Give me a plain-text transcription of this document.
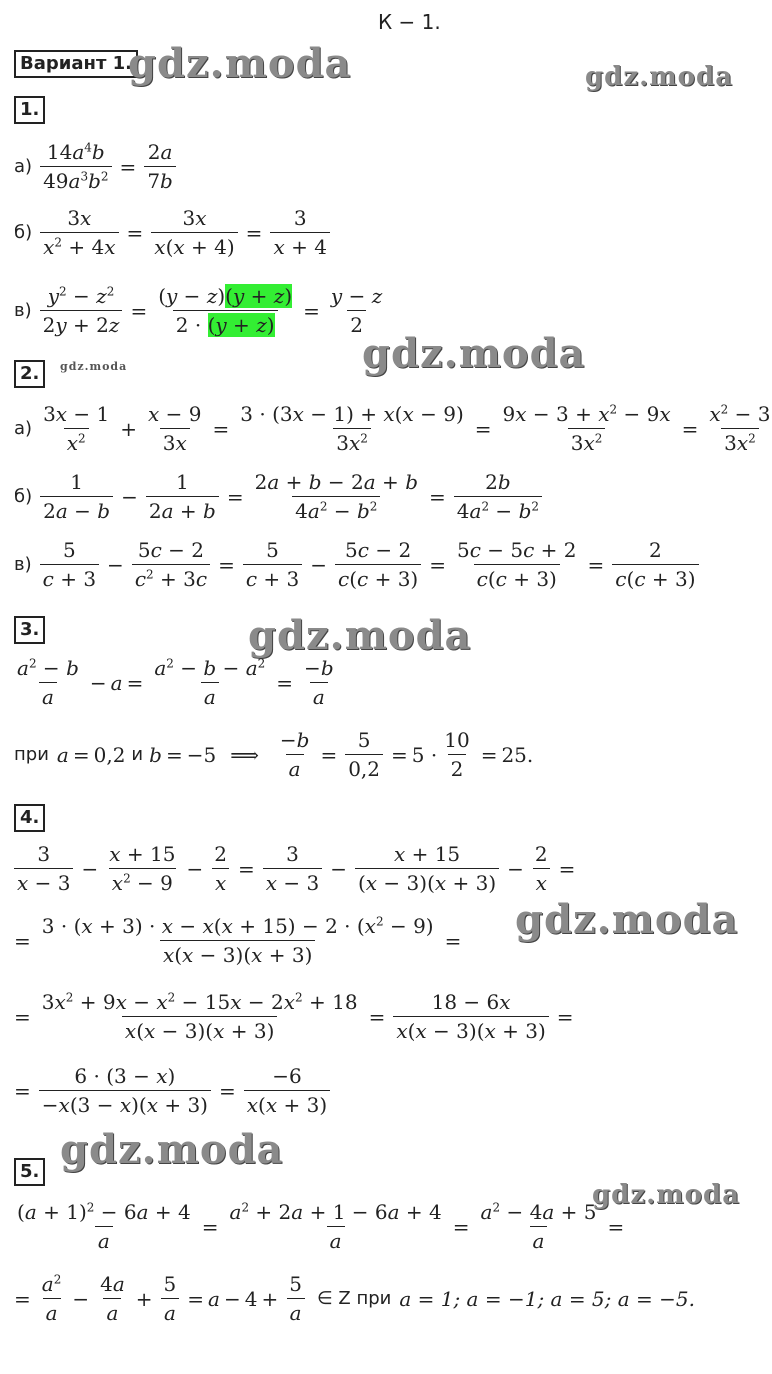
К − 1.
Вариант 1.
gdz.moda	gdz.moda
gdz.moda
gdz.moda
gdz.moda
gdz.moda
gdz.moda
gdz.moda
1.
$а) \frac{14a^4b}{49a^3b^2} = \frac{2a}{7b}$
$б) \frac{3x}{x^2 + 4x} = \frac{3x}{x(x + 4)} = \frac{3}{x + 4}$
$в) \frac{y^2 - z^2}{2y + 2z} = \frac{(y - z)(y + z)}{2 \cdot (y + z)} = \frac{y - z}{2}$
2.
$а) \frac{3x - 1}{x^2} + \frac{x - 9}{3x} = \frac{3 \cdot (3x - 1) + x(x - 9)}{3x^2} = \frac{9x - 3 + x^2 - 9x}{3x^2} = \frac{x^2 - 3}{3x^2}$
$б) \frac{1}{2a - b} - \frac{1}{2a + b} = \frac{2a + b - 2a + b}{4a^2 - b^2} = \frac{2b}{4a^2 - b^2}$
$в) \frac{5}{c + 3} - \frac{5c - 2}{c^2 + 3c} = \frac{5}{c + 3} - \frac{5c - 2}{c(c + 3)} = \frac{5c - 5c + 2}{c(c + 3)} = \frac{2}{c(c + 3)}$
3.
$\frac{a^2 - b}{a} - a = \frac{a^2 - b - a^2}{a} = \frac{-b}{a}$
при a = 0,2 и b = −5 ⟹ $\frac{-b}{a} = \frac{5}{0,2} = 5 \cdot \frac{10}{2} = 25$.
4.
$\frac{3}{x - 3} - \frac{x + 15}{x^2 - 9} - \frac{2}{x} = \frac{3}{x - 3} - \frac{x + 15}{(x - 3)(x + 3)} - \frac{2}{x}$ =
= $\frac{3 \cdot (x + 3) \cdot x - x(x + 15) - 2 \cdot (x^2 - 9)}{x(x - 3)(x + 3)}$ =
= $\frac{3x^2 + 9x - x^2 - 15x - 2x^2 + 18}{x(x - 3)(x + 3)} = \frac{18 - 6x}{x(x - 3)(x + 3)}$ =
= $\frac{6 \cdot (3 - x)}{-x(3 - x)(x + 3)} = \frac{-6}{x(x + 3)}$
5.
$\frac{(a + 1)^2 - 6a + 4}{a} = \frac{a^2 + 2a + 1 - 6a + 4}{a} = \frac{a^2 - 4a + 5}{a}$ =
= $\frac{a^2}{a} - \frac{4a}{a} + \frac{5}{a} = a - 4 + \frac{5}{a}$ ∈ Z при a = 1; a = −1; a = 5; a = −5.
